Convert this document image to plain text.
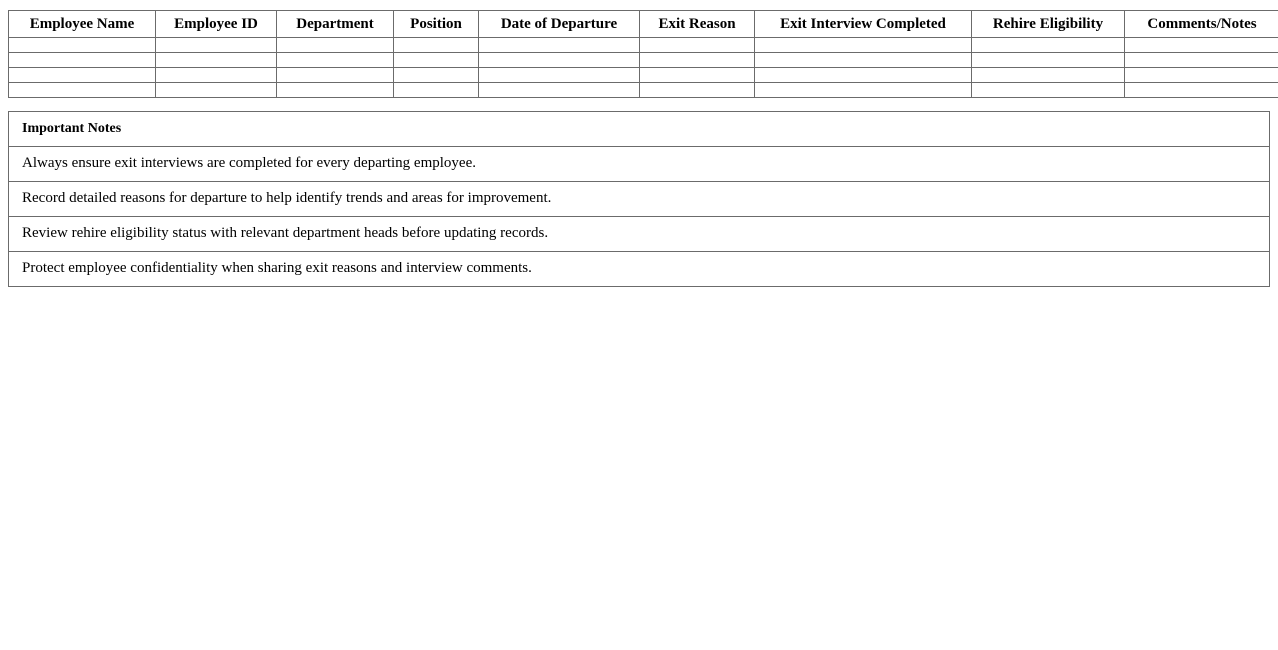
Employee Name	Employee ID	Department	Position	Date of Departure	Exit Reason	Exit Interview Completed	Rehire Eligibility	Comments/Notes

Important Notes
Always ensure exit interviews are completed for every departing employee.
Record detailed reasons for departure to help identify trends and areas for improvement.
Review rehire eligibility status with relevant department heads before updating records.
Protect employee confidentiality when sharing exit reasons and interview comments.
